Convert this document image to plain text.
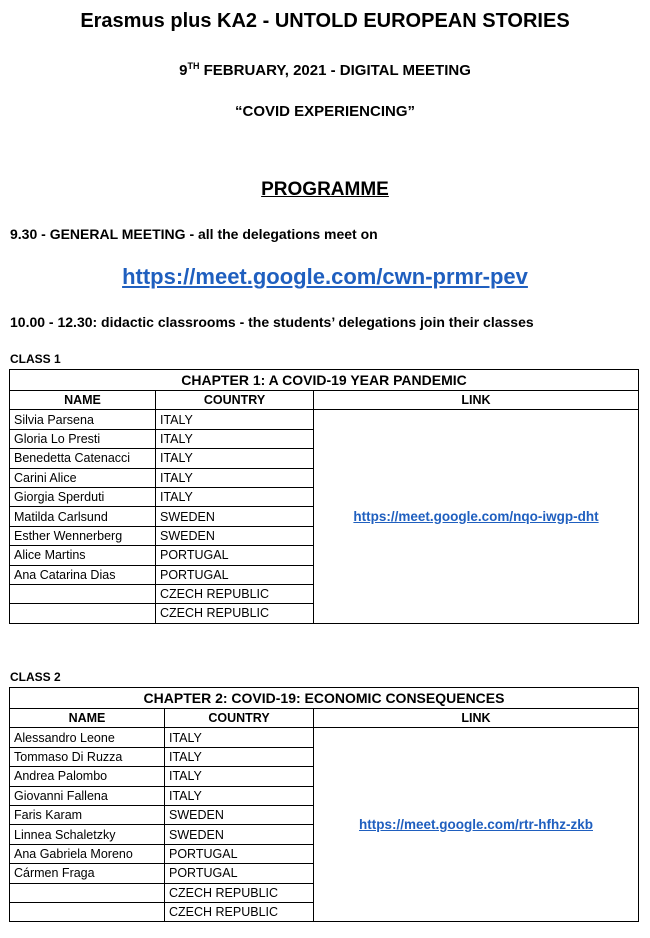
Erasmus plus KA2 - UNTOLD EUROPEAN STORIES
9TH FEBRUARY, 2021 - DIGITAL MEETING
“COVID EXPERIENCING”
PROGRAMME
9.30 - GENERAL MEETING - all the delegations meet on
https://meet.google.com/cwn-prmr-pev
10.00 - 12.30: didactic classrooms - the students’ delegations join their classes
CLASS 1
CHAPTER 1: A COVID-19 YEAR PANDEMIC		
NAME	COUNTRY	LINK
Silvia Parsena	ITALY	https://meet.google.com/nqo-iwgp-dht
Gloria Lo Presti	ITALY	
Benedetta Catenacci	ITALY	
Carini Alice	ITALY	
Giorgia Sperduti	ITALY	
Matilda Carlsund	SWEDEN	
Esther Wennerberg	SWEDEN	
Alice Martins	PORTUGAL	
Ana Catarina Dias	PORTUGAL	
	CZECH REPUBLIC	
	CZECH REPUBLIC	
CLASS 2
CHAPTER 2: COVID-19: ECONOMIC CONSEQUENCES		
NAME	COUNTRY	LINK
Alessandro Leone	ITALY	https://meet.google.com/rtr-hfhz-zkb
Tommaso Di Ruzza	ITALY	
Andrea Palombo	ITALY	
Giovanni Fallena	ITALY	
Faris Karam	SWEDEN	
Linnea Schaletzky	SWEDEN	
Ana Gabriela Moreno	PORTUGAL	
Cármen Fraga	PORTUGAL	
	CZECH REPUBLIC	
	CZECH REPUBLIC	
